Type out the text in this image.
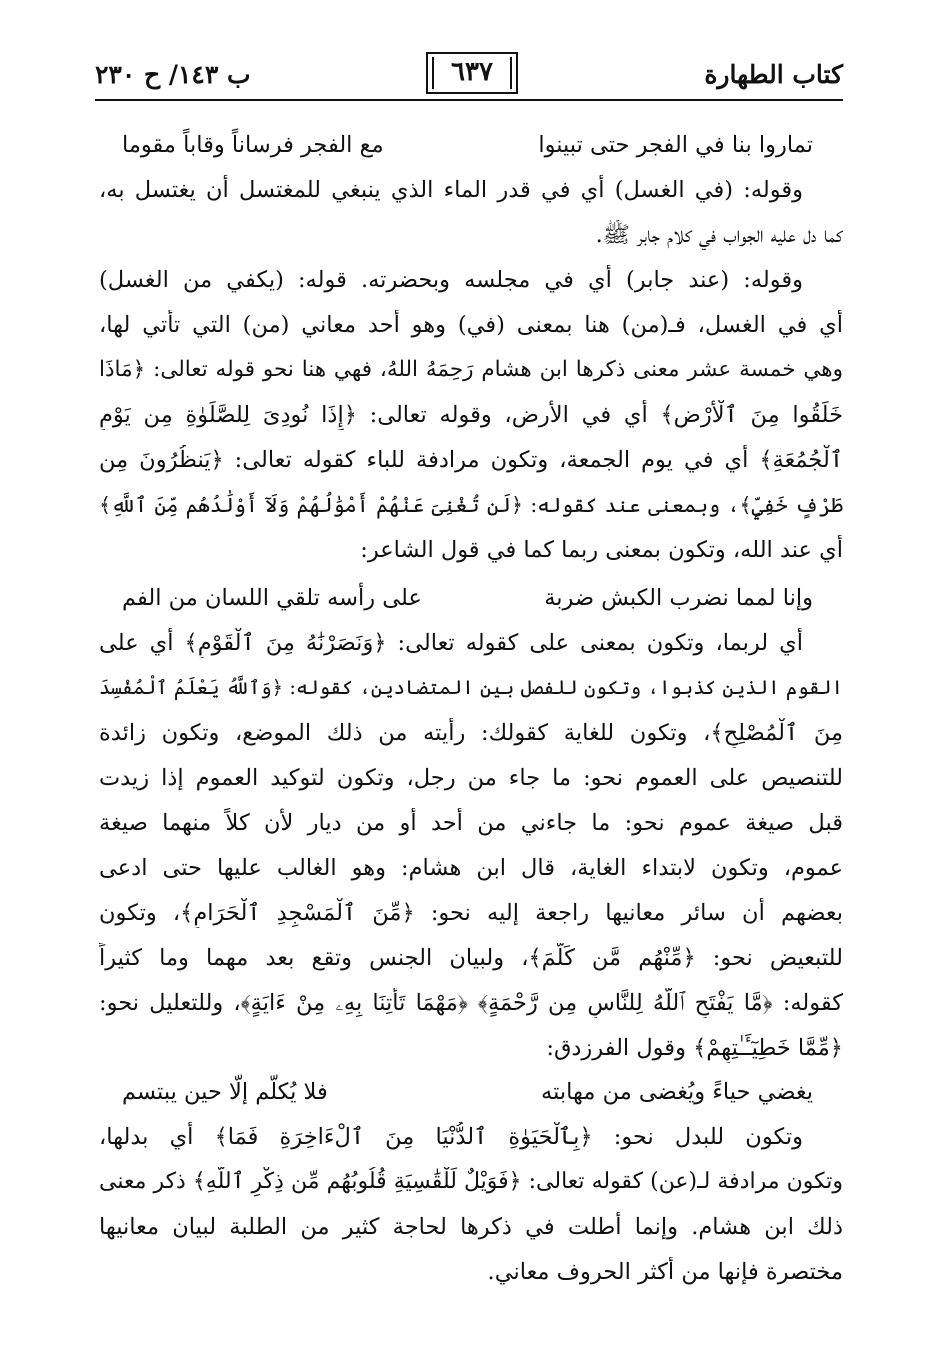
ب ١٤٣/ ح ٢٣٠	٦٣٧	كتاب الطهارة
تماروا بنا في الفجر حتى تبينوا
مع الفجر فرساناً وقاباً مقوما
وقوله: (في الغسل) أي في قدر الماء الذي ينبغي للمغتسل أن يغتسل به،
كما دل عليه الجواب في كلام جابر ﷺ.
وقوله: (عند جابر) أي في مجلسه وبحضرته. قوله: (يكفي من الغسل)
أي في الغسل، فـ(من) هنا بمعنى (في) وهو أحد معاني (من) التي تأتي لها،
وهي خمسة عشر معنى ذكرها ابن هشام رَحِمَهُ اللهُ، فهي هنا نحو قوله تعالى: ﴿مَاذَا
خَلَقُوا مِنَ ٱلْأَرْضِ﴾ أي في الأرض، وقوله تعالى: ﴿إِذَا نُودِىَ لِلصَّلَوٰةِ مِن يَوْمِ
ٱلْجُمُعَةِ﴾ أي في يوم الجمعة، وتكون مرادفة للباء كقوله تعالى: ﴿يَنظُرُونَ مِن
طَرْفٍ خَفِيٍّ﴾، وبمعنى عند كقوله: ﴿لَن تُغْنِىَ عَنْهُمْ أَمْوَٰلُهُمْ وَلَآ أَوْلَٰدُهُم مِّنَ ٱللَّهِ﴾
أي عند الله، وتكون بمعنى ربما كما في قول الشاعر:
وإنا لمما نضرب الكبش ضربة
على رأسه تلقي اللسان من الفم
أي لربما، وتكون بمعنى على كقوله تعالى: ﴿وَنَصَرْنَٰهُ مِنَ ٱلْقَوْمِ﴾ أي على
القوم الذين كذبوا، وتكون للفصل بين المتضادين، كقوله: ﴿وَٱللَّهُ يَعْلَمُ ٱلْمُفْسِدَ
مِنَ ٱلْمُصْلِحِ﴾، وتكون للغاية كقولك: رأيته من ذلك الموضع، وتكون زائدة
للتنصيص على العموم نحو: ما جاء من رجل، وتكون لتوكيد العموم إذا زيدت
قبل صيغة عموم نحو: ما جاءني من أحد أو من ديار لأن كلاً منهما صيغة
عموم، وتكون لابتداء الغاية، قال ابن هشام: وهو الغالب عليها حتى ادعى
بعضهم أن سائر معانيها راجعة إليه نحو: ﴿مِّنَ ٱلْمَسْجِدِ ٱلْحَرَامِ﴾، وتكون
للتبعيض نحو: ﴿مِّنْهُم مَّن كَلَّمَ﴾، ولبيان الجنس وتقع بعد مهما وما كثيراً
كقوله: ﴿مَّا يَفْتَحِ ٱللَّهُ لِلنَّاسِ مِن رَّحْمَةٍ﴾ ﴿مَهْمَا تَأْتِنَا بِهِۦ مِنْ ءَايَةٍ﴾، وللتعليل نحو:
﴿مِّمَّا خَطِيٓـَٔـٰتِهِمْ﴾ وقول الفرزدق:
يغضي حياءً ويُغضى من مهابته
فلا يُكلّم إلّا حين يبتسم
وتكون للبدل نحو: ﴿بِٱلْحَيَوٰةِ ٱلدُّنْيَا مِنَ ٱلْءَاخِرَةِ فَمَا﴾ أي بدلها،
وتكون مرادفة لـ(عن) كقوله تعالى: ﴿فَوَيْلٌ لِّلْقَٰسِيَةِ قُلُوبُهُم مِّن ذِكْرِ ٱللَّهِ﴾ ذكر معنى
ذلك ابن هشام. وإنما أطلت في ذكرها لحاجة كثير من الطلبة لبيان معانيها
مختصرة فإنها من أكثر الحروف معاني.
